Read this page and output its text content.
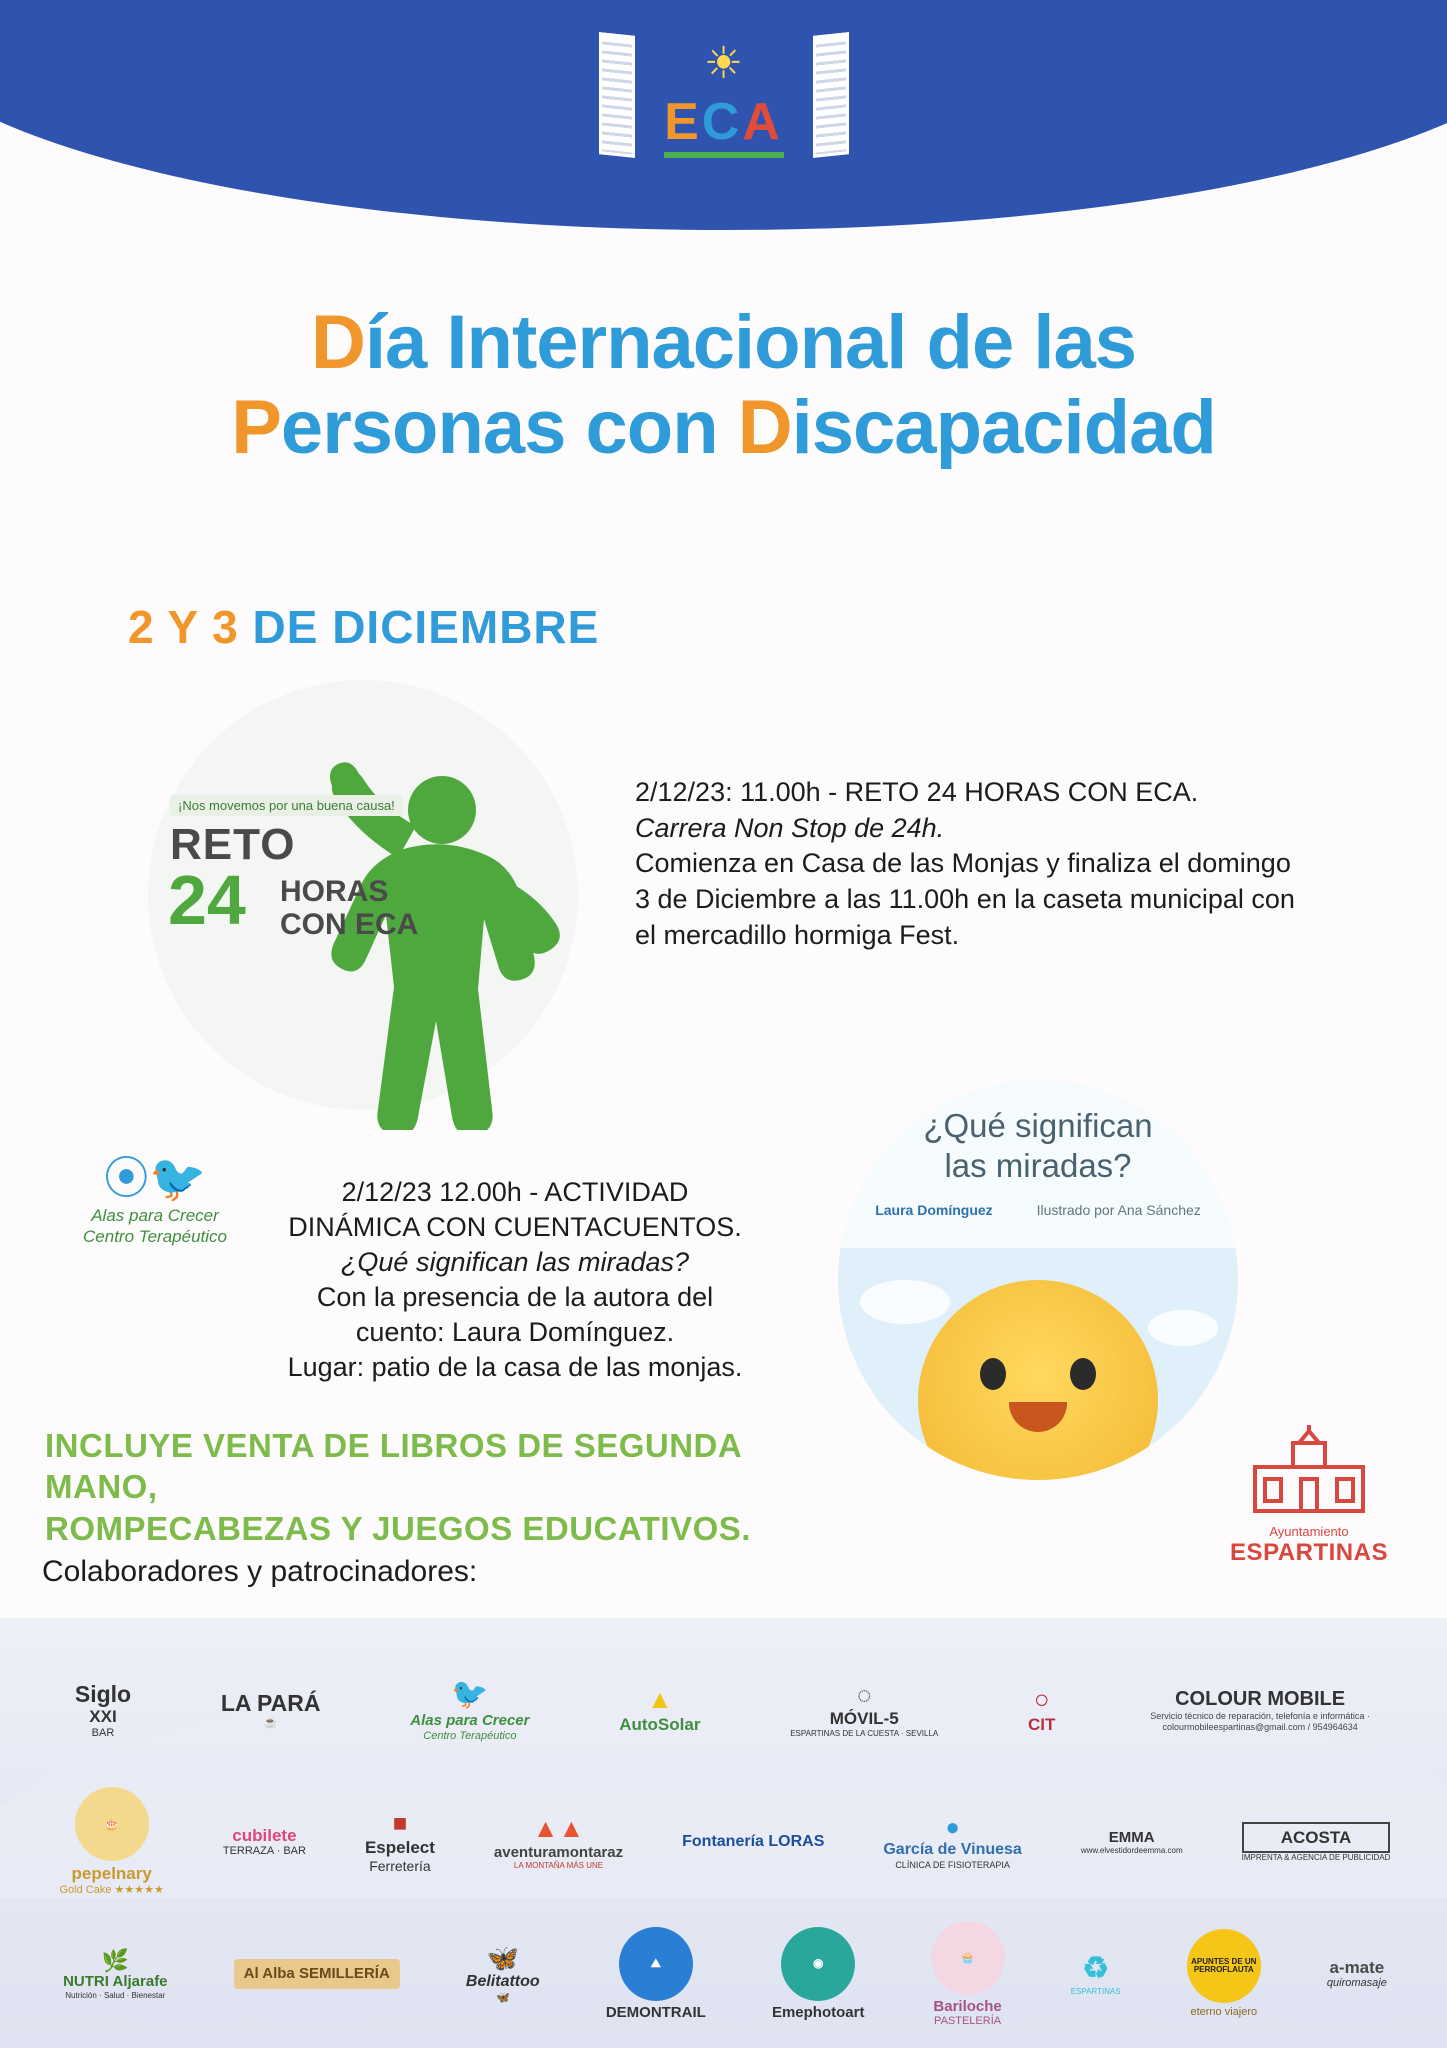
☀
ECA
Día Internacional de las
Personas con Discapacidad
2 Y 3 DE DICIEMBRE
¡Nos movemos por una buena causa!
RETO
24 HORAS
CON ECA
2/12/23: 11.00h - RETO 24 HORAS CON ECA. Carrera Non Stop de 24h.
Comienza en Casa de las Monjas y finaliza el domingo 3 de Diciembre a las 11.00h en la caseta municipal con el mercadillo hormiga Fest.
⦿🐦
Alas para Crecer
Centro Terapéutico
2/12/23 12.00h - ACTIVIDAD
DINÁMICA CON CUENTACUENTOS.
¿Qué significan las miradas?
Con la presencia de la autora del
cuento: Laura Domínguez.
Lugar: patio de la casa de las monjas.
¿Qué significan
las miradas?
Laura Domínguez	Ilustrado por Ana Sánchez
INCLUYE VENTA DE LIBROS DE SEGUNDA MANO,
ROMPECABEZAS Y JUEGOS EDUCATIVOS.	Ayuntamiento
ESPARTINAS
Colaboradores y patrocinadores:
Siglo
XXI
BAR
LA PARÁ
☕
🐦
Alas para Crecer
Centro Terapéutico
▲
AutoSolar
◌
MÓVIL-5
ESPARTINAS DE LA CUESTA · SEVILLA
○
CIT
COLOUR MOBILE
Servicio técnico de reparación, telefonía e informática · colourmobileespartinas@gmail.com / 954964634
🎂
pepelnary
Gold Cake ★★★★★
cubilete
TERRAZA · BAR
■
Espelect
Ferretería
▲▲
aventuramontaraz
LA MONTAÑA MÁS UNE
Fontanería LORAS
●
García de Vinuesa
CLÍNICA DE FISIOTERAPIA
EMMA
www.elvestidordeemma.com
ACOSTA
IMPRENTA & AGENCIA DE PUBLICIDAD
🌿
NUTRI Aljarafe
Nutrición · Salud · Bienestar
Al Alba SEMILLERÍA
🦋
Belitattoo
🦋
⛰
DEMONTRAIL
◉
Emephotoart
🧁
Bariloche
PASTELERÍA
♻
ESPARTINAS
APUNTES DE UN PERROFLAUTA
eterno viajero
a-mate
quiromasaje
